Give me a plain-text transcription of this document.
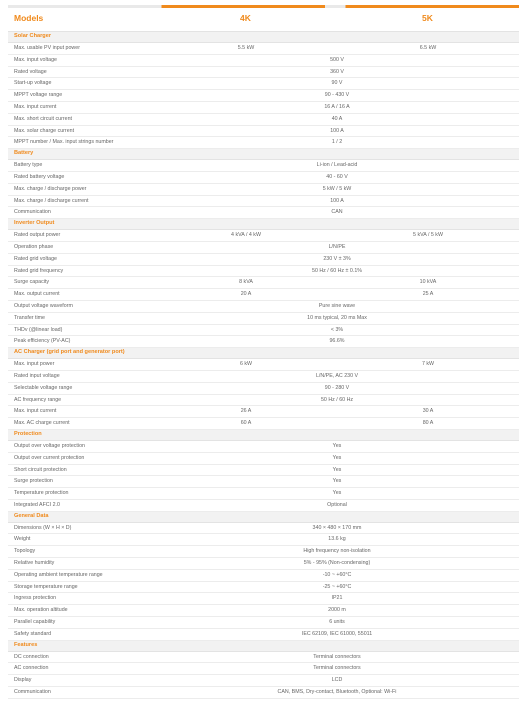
Models	4K	5K
Solar Charger
Max. usable PV input power	5.5 kW	6.5 kW
Max. input voltage	500 V
Rated voltage	360 V
Start-up voltage	90 V
MPPT voltage range	90 - 430 V
Max. input current	16 A / 16 A
Max. short circuit current	40 A
Max. solar charge current	100 A
MPPT number / Max. input strings number	1 / 2
Battery
Battery type	Li-ion / Lead-acid
Rated battery voltage	40 - 60 V
Max. charge / discharge power	5 kW / 5 kW
Max. charge / discharge current	100 A
Communication	CAN
Inverter Output
Rated output power	4 kVA / 4 kW	5 kVA / 5 kW
Operation phase	L/N/PE
Rated grid voltage	230 V ± 3%
Rated grid frequency	50 Hz / 60 Hz ± 0.1%
Surge capacity	8 kVA	10 kVA
Max. output current	20 A	25 A
Output voltage waveform	Pure sine wave
Transfer time	10 ms typical, 20 ms Max
THDv (@linear load)	< 3%
Peak efficiency (PV-AC)	96.6%
AC Charger (grid port and generator port)
Max. input power	6 kW	7 kW
Rated input voltage	L/N/PE, AC 230 V
Selectable voltage range	90 - 280 V
AC frequency range	50 Hz / 60 Hz
Max. input current	26 A	30 A
Max. AC charge current	60 A	80 A
Protection
Output over voltage protection	Yes
Output over current protection	Yes
Short circuit protection	Yes
Surge protection	Yes
Temperature protection	Yes
Integrated AFCI 2.0	Optional
General Data
Dimensions (W × H × D)	340 × 480 × 170 mm
Weight	13.6 kg
Topology	High frequency non-isolation
Relative humidity	5% - 95% (Non-condensing)
Operating ambient temperature range	-10 ~ +60°C
Storage temperature range	-25 ~ +60°C
Ingress protection	IP21
Max. operation altitude	2000 m
Parallel capability	6 units
Safety standard	IEC 62109, IEC 61000, 55011
Features
DC connection	Terminal connectors
AC connection	Terminal connectors
Display	LCD
Communication	CAN, BMS, Dry-contact, Bluetooth, Optional: Wi-Fi
